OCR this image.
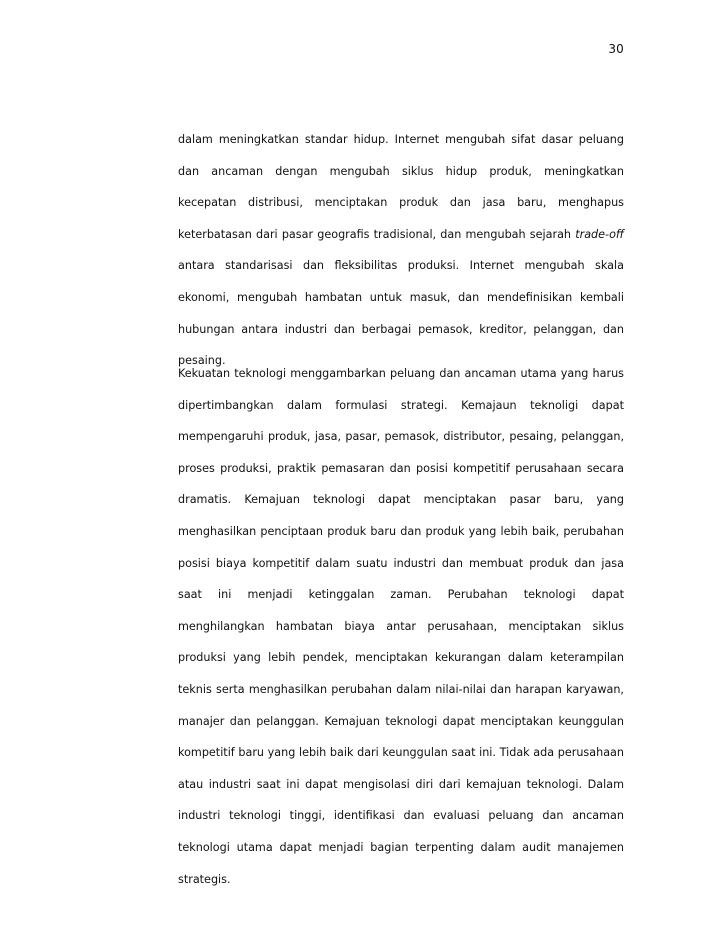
30

dalam meningkatkan standar hidup. Internet mengubah sifat dasar peluang dan ancaman dengan mengubah siklus hidup produk, meningkatkan kecepatan distribusi, menciptakan produk dan jasa baru, menghapus keterbatasan dari pasar geografis tradisional, dan mengubah sejarah trade-off antara standarisasi dan fleksibilitas produksi. Internet mengubah skala ekonomi, mengubah hambatan untuk masuk, dan mendefinisikan kembali hubungan antara industri dan berbagai pemasok, kreditor, pelanggan, dan pesaing.

Kekuatan teknologi menggambarkan peluang dan ancaman utama yang harus dipertimbangkan dalam formulasi strategi. Kemajaun teknoligi dapat mempengaruhi produk, jasa, pasar, pemasok, distributor, pesaing, pelanggan, proses produksi, praktik pemasaran dan posisi kompetitif perusahaan secara dramatis. Kemajuan teknologi dapat menciptakan pasar baru, yang menghasilkan penciptaan produk baru dan produk yang lebih baik, perubahan posisi biaya kompetitif dalam suatu industri dan membuat produk dan jasa saat ini menjadi ketinggalan zaman. Perubahan teknologi dapat menghilangkan hambatan biaya antar perusahaan, menciptakan siklus produksi yang lebih pendek, menciptakan kekurangan dalam keterampilan teknis serta menghasilkan perubahan dalam nilai-nilai dan harapan karyawan, manajer dan pelanggan. Kemajuan teknologi dapat menciptakan keunggulan kompetitif baru yang lebih baik dari keunggulan saat ini. Tidak ada perusahaan atau industri saat ini dapat mengisolasi diri dari kemajuan teknologi. Dalam industri teknologi tinggi, identifikasi dan evaluasi peluang dan ancaman teknologi utama dapat menjadi bagian terpenting dalam audit manajemen strategis.
